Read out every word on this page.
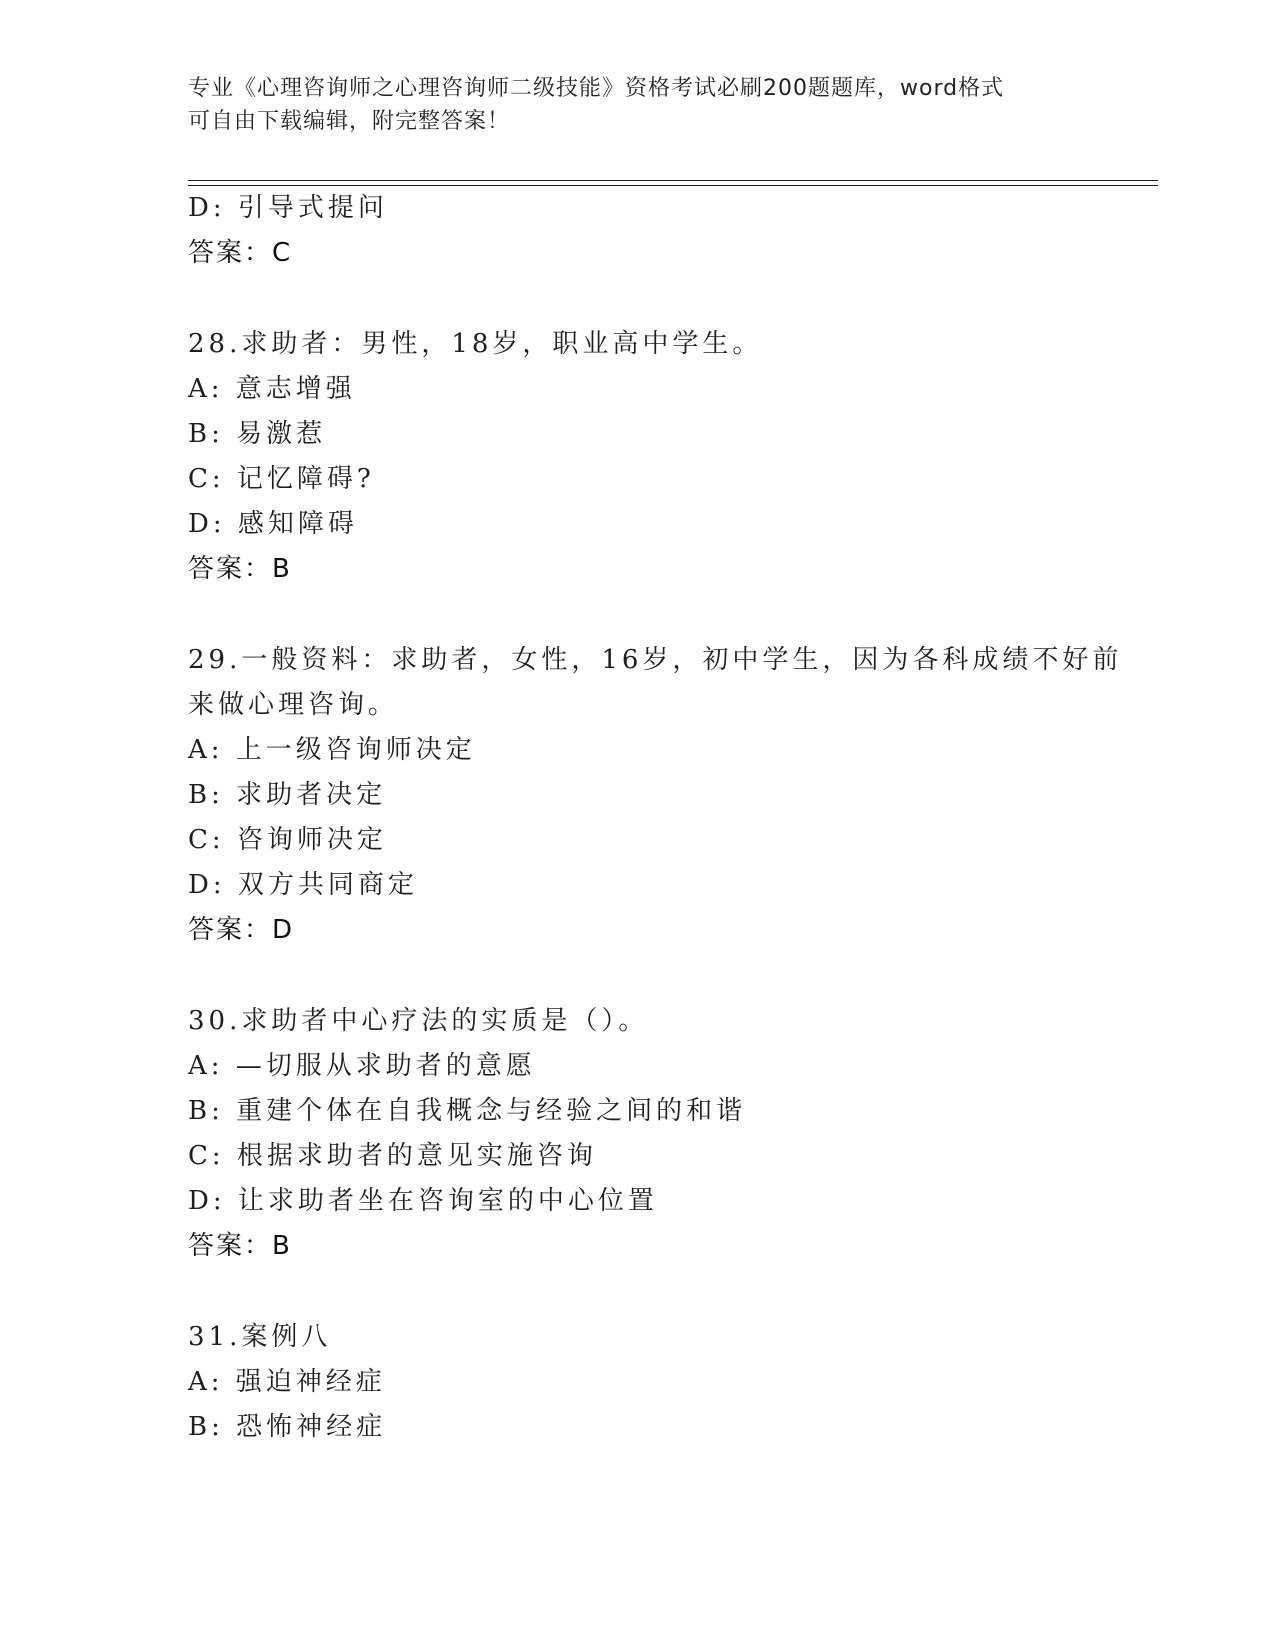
专业《心理咨询师之心理咨询师二级技能》资格考试必刷200题题库，word格式
可自由下载编辑，附完整答案！
D: 引导式提问
答案：C
28.求助者：男性，18岁，职业高中学生。
A: 意志增强
B: 易激惹
C: 记忆障碍?
D: 感知障碍
答案：B
29.一般资料：求助者，女性，16岁，初中学生，因为各科成绩不好前
来做心理咨询。
A: 上一级咨询师决定
B: 求助者决定
C: 咨询师决定
D: 双方共同商定
答案：D
30.求助者中心疗法的实质是（）。
A: —切服从求助者的意愿
B: 重建个体在自我概念与经验之间的和谐
C: 根据求助者的意见实施咨询
D: 让求助者坐在咨询室的中心位置
答案：B
31.案例八
A: 强迫神经症
B: 恐怖神经症
